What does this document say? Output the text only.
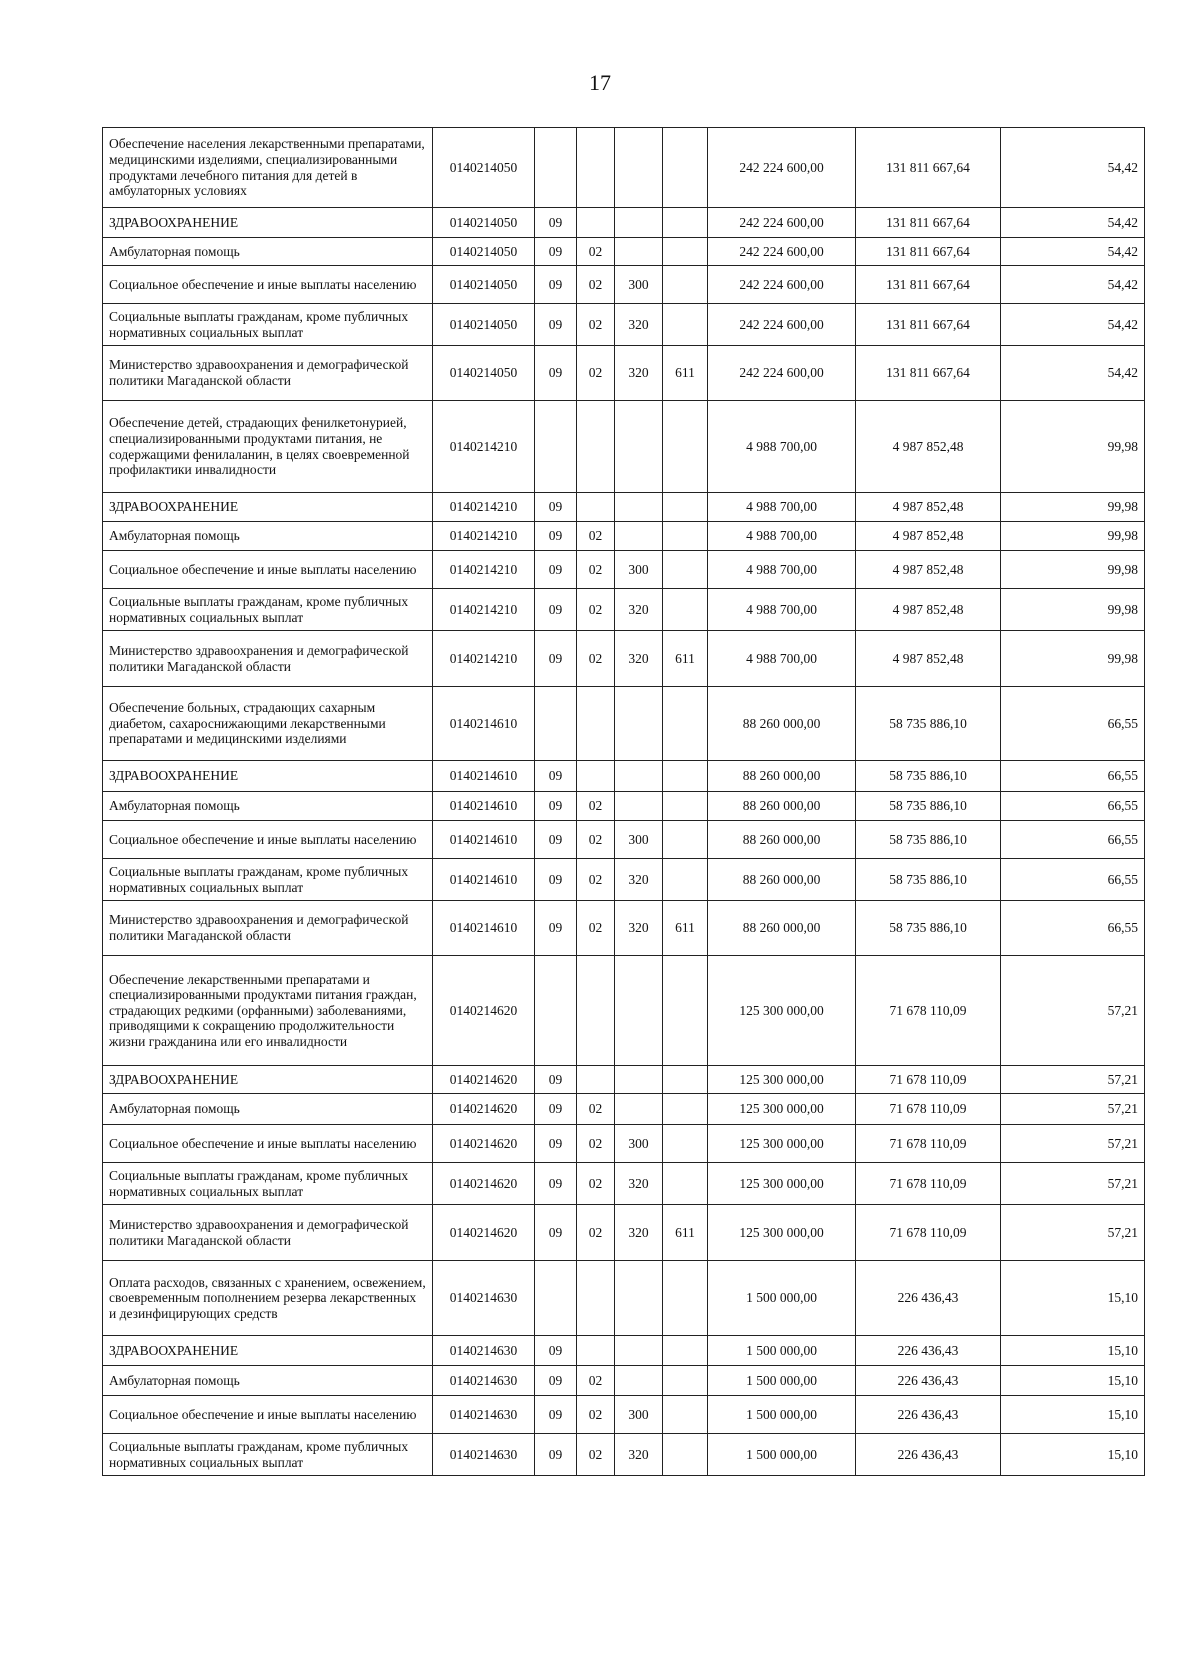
17
Обеспечение населения лекарственными препаратами, медицинскими изделиями, специализированными продуктами лечебного питания для детей в амбулаторных условиях	0140214050					242 224 600,00	131 811 667,64	54,42
ЗДРАВООХРАНЕНИЕ	0140214050	09				242 224 600,00	131 811 667,64	54,42
Амбулаторная помощь	0140214050	09	02			242 224 600,00	131 811 667,64	54,42
Социальное обеспечение и иные выплаты населению	0140214050	09	02	300		242 224 600,00	131 811 667,64	54,42
Социальные выплаты гражданам, кроме публичных нормативных социальных выплат	0140214050	09	02	320		242 224 600,00	131 811 667,64	54,42
Министерство здравоохранения и демографической политики Магаданской области	0140214050	09	02	320	611	242 224 600,00	131 811 667,64	54,42
Обеспечение детей, страдающих фенилкетонурией, специализированными продуктами питания, не содержащими фенилаланин, в целях своевременной профилактики инвалидности	0140214210					4 988 700,00	4 987 852,48	99,98
ЗДРАВООХРАНЕНИЕ	0140214210	09				4 988 700,00	4 987 852,48	99,98
Амбулаторная помощь	0140214210	09	02			4 988 700,00	4 987 852,48	99,98
Социальное обеспечение и иные выплаты населению	0140214210	09	02	300		4 988 700,00	4 987 852,48	99,98
Социальные выплаты гражданам, кроме публичных нормативных социальных выплат	0140214210	09	02	320		4 988 700,00	4 987 852,48	99,98
Министерство здравоохранения и демографической политики Магаданской области	0140214210	09	02	320	611	4 988 700,00	4 987 852,48	99,98
Обеспечение больных, страдающих сахарным диабетом, сахароснижающими лекарственными препаратами и медицинскими изделиями	0140214610					88 260 000,00	58 735 886,10	66,55
ЗДРАВООХРАНЕНИЕ	0140214610	09				88 260 000,00	58 735 886,10	66,55
Амбулаторная помощь	0140214610	09	02			88 260 000,00	58 735 886,10	66,55
Социальное обеспечение и иные выплаты населению	0140214610	09	02	300		88 260 000,00	58 735 886,10	66,55
Социальные выплаты гражданам, кроме публичных нормативных социальных выплат	0140214610	09	02	320		88 260 000,00	58 735 886,10	66,55
Министерство здравоохранения и демографической политики Магаданской области	0140214610	09	02	320	611	88 260 000,00	58 735 886,10	66,55
Обеспечение лекарственными препаратами и специализированными продуктами питания граждан, страдающих редкими (орфанными) заболеваниями, приводящими к сокращению продолжительности жизни гражданина или его инвалидности	0140214620					125 300 000,00	71 678 110,09	57,21
ЗДРАВООХРАНЕНИЕ	0140214620	09				125 300 000,00	71 678 110,09	57,21
Амбулаторная помощь	0140214620	09	02			125 300 000,00	71 678 110,09	57,21
Социальное обеспечение и иные выплаты населению	0140214620	09	02	300		125 300 000,00	71 678 110,09	57,21
Социальные выплаты гражданам, кроме публичных нормативных социальных выплат	0140214620	09	02	320		125 300 000,00	71 678 110,09	57,21
Министерство здравоохранения и демографической политики Магаданской области	0140214620	09	02	320	611	125 300 000,00	71 678 110,09	57,21
Оплата расходов, связанных с хранением, освежением, своевременным пополнением резерва лекарственных и дезинфицирующих средств	0140214630					1 500 000,00	226 436,43	15,10
ЗДРАВООХРАНЕНИЕ	0140214630	09				1 500 000,00	226 436,43	15,10
Амбулаторная помощь	0140214630	09	02			1 500 000,00	226 436,43	15,10
Социальное обеспечение и иные выплаты населению	0140214630	09	02	300		1 500 000,00	226 436,43	15,10
Социальные выплаты гражданам, кроме публичных нормативных социальных выплат	0140214630	09	02	320		1 500 000,00	226 436,43	15,10
